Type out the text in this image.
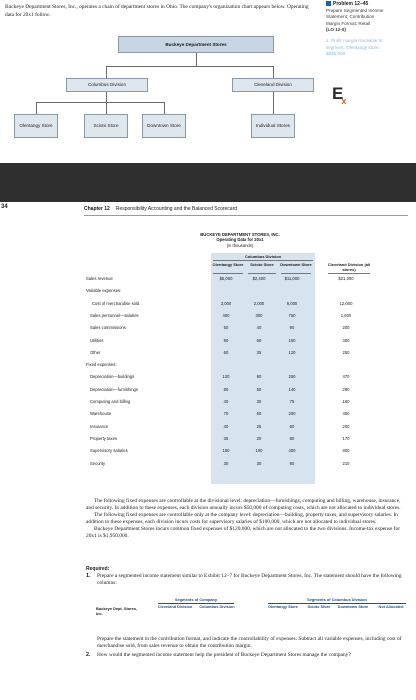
Buckeye Department Stores, Inc., operates a chain of department stores in Ohio. The company's organization chart appears below. Operating data for 20x1 follow.
Problem 12–45
Prepare Segmented Income
Statement; Contribution
Margin Format; Retail
(LO 12-5)
1. Profit margin traceable to
segment, Olentangy store:
$845,000
$E_x$
Buckeye Department Stores
Columbus Division	Cleveland Division
Olentangy Store	Scioto Store	Downtown Store	Individual Stores
34	Chapter 12 Responsibility Accounting and the Balanced Scorecard
BUCKEYE DEPARTMENT STORES, INC.
Operating Data for 20x1
(in thousands)
Columbus Division
Olentangy Store	Scioto Store	Downtown Store	Cleveland Division (all stores)
Sales revenue	$5,000	$2,400	$11,000	$21,000
Variable expenses:
Cost of merchandise sold	3,000	2,000	6,000	12,000
Sales personnel—salaries	400	300	750	1,600
Sales commissions	50	40	90	200
Utilities	80	60	150	300
Other	60	35	120	250
Fixed expenses:
Depreciation—buildings	120	90	250	470
Depreciation—furnishings	80	50	140	290
Computing and billing	40	30	75	160
Warehouse	70	60	200	450
Insurance	40	25	60	200
Property taxes	35	20	80	170
Supervisory salaries	150	100	400	900
Security	30	30	80	210

The following fixed expenses are controllable at the divisional level: depreciation—furnishings, computing and billing, warehouse, insurance, and security. In addition to these expenses, each division annually incurs $50,000 of computing costs, which are not allocated to individual stores.

The following fixed expenses are controllable only at the company level: depreciation—building, property taxes, and supervisory salaries. In addition to these expenses, each division incurs costs for supervisory salaries of $100,000, which are not allocated to individual stores.

Buckeye Department Stores incurs common fixed expenses of $120,000, which are not allocated to the two divisions. Income-tax expense for 20x1 is $1,950,000.

Required:
1. Prepare a segmented income statement similar to Exhibit 12–7 for Buckeye Department Stores, Inc. The statement should have the following columns:
Buckeye Dept. Stores, Inc.
Segments of Company	Segments of Columbus Division
Cleveland Division	Columbus Division	Olentangy Store	Scioto Store	Downtown Store	Not Allocated
Prepare the statement in the contribution format, and indicate the controllability of expenses. Subtract all variable expenses, including cost of merchandise sold, from sales revenue to obtain the contribution margin.
2. How would the segmented income statement help the president of Buckeye Department Stores manage the company?
